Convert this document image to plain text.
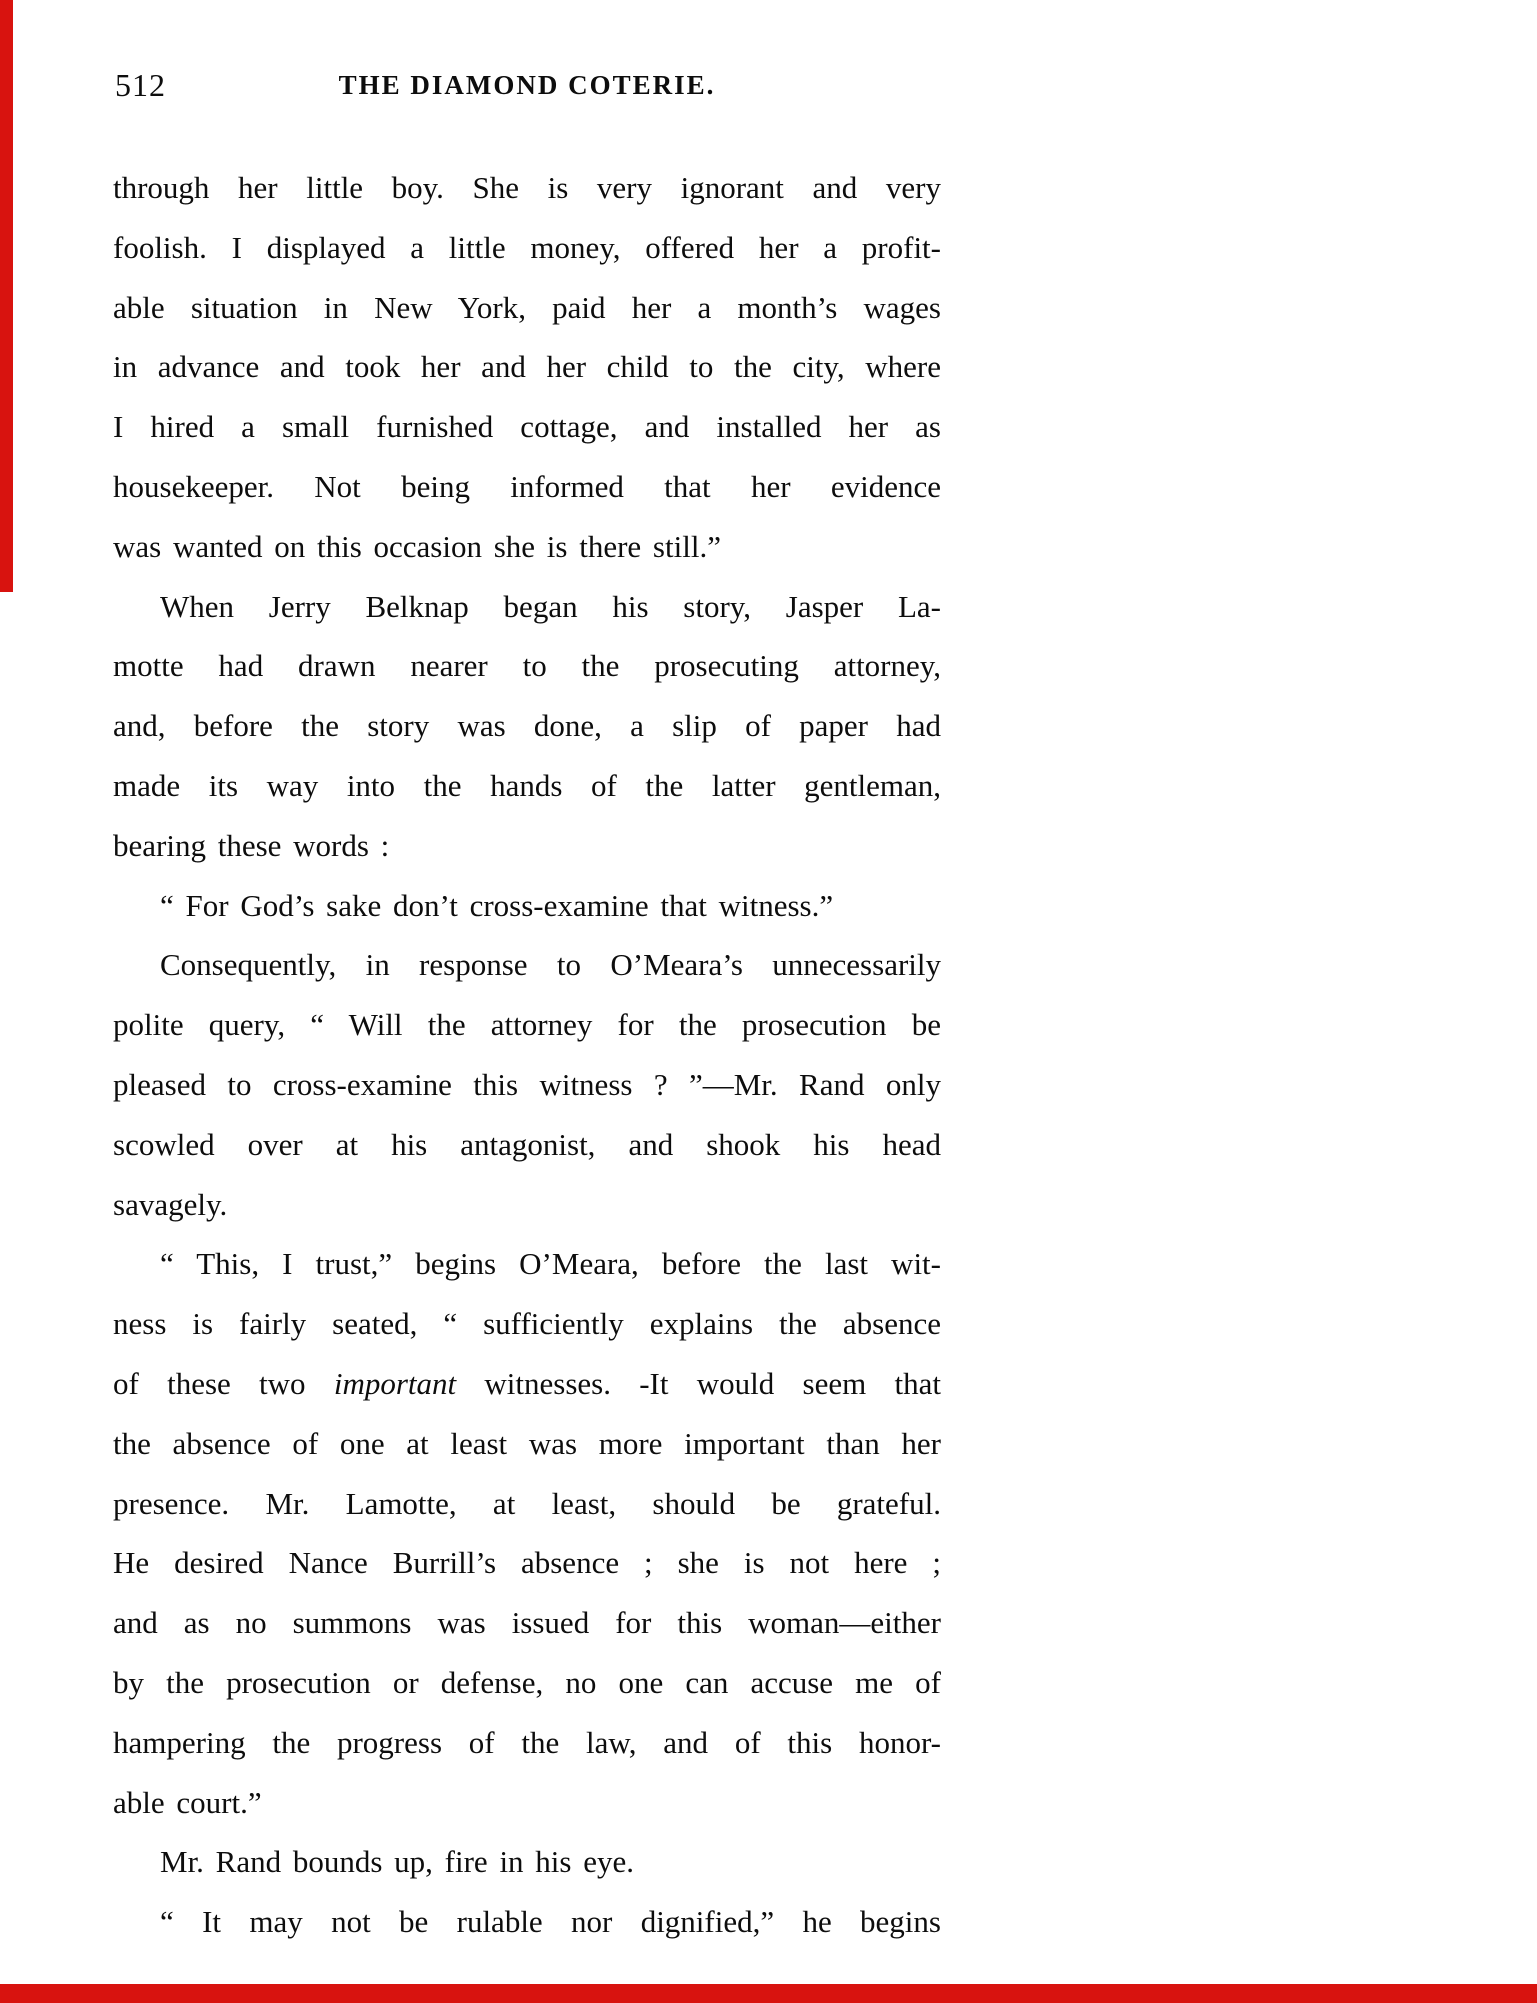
512	THE DIAMOND COTERIE.
through her little boy. She is very ignorant and very
foolish. I displayed a little money, offered her a profit-
able situation in New York, paid her a month’s wages
in advance and took her and her child to the city, where
I hired a small furnished cottage, and installed her as
housekeeper. Not being informed that her evidence
was wanted on this occasion she is there still.”
When Jerry Belknap began his story, Jasper La-
motte had drawn nearer to the prosecuting attorney,
and, before the story was done, a slip of paper had
made its way into the hands of the latter gentleman,
bearing these words :
“ For God’s sake don’t cross-examine that witness.”
Consequently, in response to O’Meara’s unnecessarily
polite query, “ Will the attorney for the prosecution be
pleased to cross-examine this witness ? ”—Mr. Rand only
scowled over at his antagonist, and shook his head
savagely.
“ This, I trust,” begins O’Meara, before the last wit-
ness is fairly seated, “ sufficiently explains the absence
of these two important witnesses. -It would seem that
the absence of one at least was more important than her
presence. Mr. Lamotte, at least, should be grateful.
He desired Nance Burrill’s absence ; she is not here ;
and as no summons was issued for this woman—either
by the prosecution or defense, no one can accuse me of
hampering the progress of the law, and of this honor-
able court.”
Mr. Rand bounds up, fire in his eye.
“ It may not be rulable nor dignified,” he begins
